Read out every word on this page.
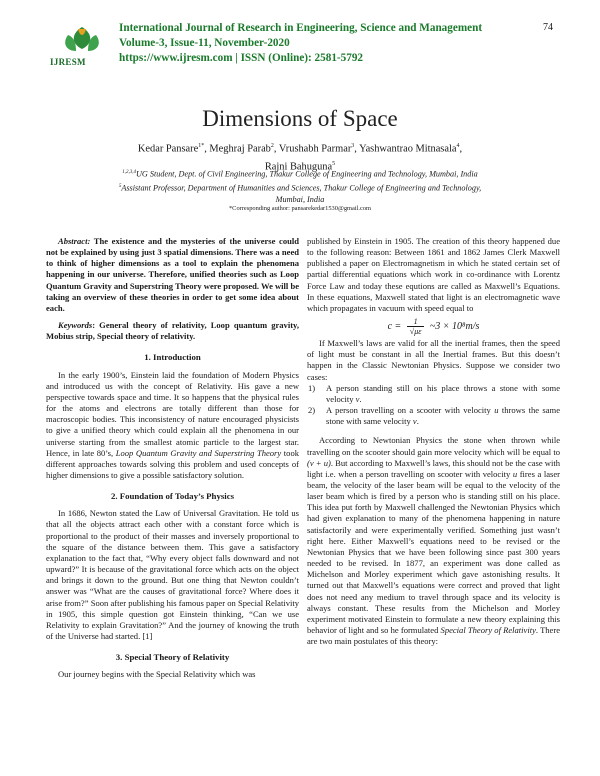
74
IJRESM
International Journal of Research in Engineering, Science and Management
Volume-3, Issue-11, November-2020
https://www.ijresm.com | ISSN (Online): 2581-5792
Dimensions of Space
Kedar Pansare$^{1*}$, Meghraj Parab$^2$, Vrushabh Parmar$^3$, Yashwantrao Mitnasala$^4$,
Rajni Bahuguna$^5$
$^{1,2,3,4}$UG Student, Dept. of Civil Engineering, Thakur College of Engineering and Technology, Mumbai, India
$^5$Assistant Professor, Department of Humanities and Sciences, Thakur College of Engineering and Technology,
Mumbai, India
*Corresponding author: pansarekedar1530@gmail.com

Abstract: The existence and the mysteries of the universe could not be explained by using just 3 spatial dimensions. There was a need to think of higher dimensions as a tool to explain the phenomena happening in our universe. Therefore, unified theories such as Loop Quantum Gravity and Superstring Theory were proposed. We will be taking an overview of these theories in order to get some idea about each.

Keywords: General theory of relativity, Loop quantum gravity, Mobius strip, Special theory of relativity.

1. Introduction

In the early 1900’s, Einstein laid the foundation of Modern Physics and introduced us with the concept of Relativity. His gave a new perspective towards space and time. It so happens that the physical rules for the atoms and electrons are totally different than those for macroscopic bodies. This inconsistency of nature encouraged physicists to give a unified theory which could explain all the phenomena in our universe starting from the smallest atomic particle to the largest star. Hence, in late 80’s, Loop Quantum Gravity and Superstring Theory took different approaches towards solving this problem and used concepts of higher dimensions to give a possible satisfactory solution.

2. Foundation of Today’s Physics

In 1686, Newton stated the Law of Universal Gravitation. He told us that all the objects attract each other with a constant force which is proportional to the product of their masses and inversely proportional to the square of the distance between them. This gave a satisfactory explanation to the fact that, “Why every object falls downward and not upward?” It is because of the gravitational force which acts on the object and brings it down to the ground. But one thing that Newton couldn’t answer was “What are the causes of gravitational force? Where does it arise from?” Soon after publishing his famous paper on Special Relativity in 1905, this simple question got Einstein thinking, “Can we use Relativity to explain Gravitation?” And the journey of knowing the truth of the Universe had started. [1]

3. Special Theory of Relativity

Our journey begins with the Special Relativity which was

published by Einstein in 1905. The creation of this theory happened due to the following reason: Between 1861 and 1862 James Clerk Maxwell published a paper on Electromagnetism in which he stated certain set of partial differential equations which work in co-ordinance with Lorentz Force Law and today these equtions are called as Maxwell’s Equations. In these equations, Maxwell stated that light is an electromagnetic wave which propagates in vacuum with speed equal to

$c = \frac{1}{√\mu\varepsilon}$ ~3 × 10⁸m/s

If Maxwell’s laws are valid for all the inertial frames, then the speed of light must be constant in all the Inertial frames. But this doesn’t happen in the Classic Newtonian Physics. Suppose we consider two cases:

1)	A person standing still on his place throws a stone with some velocity v.
2)	A person travelling on a scooter with velocity u throws the same stone with same velocity v.

According to Newtonian Physics the stone when thrown while travelling on the scooter should gain more velocity which will be equal to (v + u). But according to Maxwell’s laws, this should not be the case with light i.e. when a person travelling on scooter with velocity u fires a laser beam, the velocity of the laser beam will be equal to the velocity of the laser beam which is fired by a person who is standing still on his place. This idea put forth by Maxwell challenged the Newtonian Physics which had given explanation to many of the phenomena happening in nature satisfactorily and were experimentally verified. Something just wasn’t right here. Either Maxwell’s equations need to be revised or the Newtonian Physics that we have been following since past 300 years needed to be revised. In 1877, an experiment was done called as Michelson and Morley experiment which gave astonishing results. It turned out that Maxwell’s equations were correct and proved that light does not need any medium to travel through space and its velocity is always constant. These results from the Michelson and Morley experiment motivated Einstein to formulate a new theory explaining this behavior of light and so he formulated Special Theory of Relativity. There are two main postulates of this theory:
